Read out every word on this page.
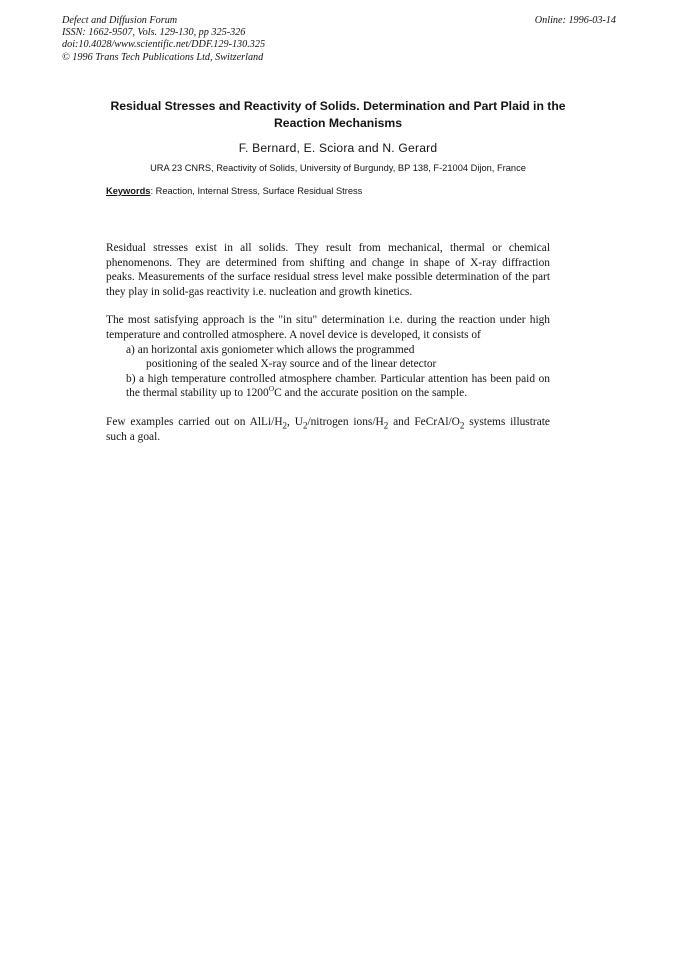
Defect and Diffusion Forum
ISSN: 1662-9507, Vols. 129-130, pp 325-326
doi:10.4028/www.scientific.net/DDF.129-130.325
© 1996 Trans Tech Publications Ltd, Switzerland
Online: 1996-03-14
Residual Stresses and Reactivity of Solids. Determination and Part Plaid in the Reaction Mechanisms
F. Bernard, E. Sciora and N. Gerard
URA 23 CNRS, Reactivity of Solids, University of Burgundy, BP 138, F-21004 Dijon, France
Keywords: Reaction, Internal Stress, Surface Residual Stress

Residual stresses exist in all solids. They result from mechanical, thermal or chemical phenomenons. They are determined from shifting and change in shape of X-ray diffraction peaks. Measurements of the surface residual stress level make possible determination of the part they play in solid-gas reactivity i.e. nucleation and growth kinetics.

The most satisfying approach is the "in situ" determination i.e. during the reaction under high temperature and controlled atmosphere. A novel device is developed, it consists of

a) an horizontal axis goniometer which allows the programmed

positioning of the sealed X-ray source and of the linear detector

b) a high temperature controlled atmosphere chamber. Particular attention has been paid on the thermal stability up to $1200^OC$ and the accurate position on the sample.

Few examples carried out on AlLi/$H_2$, $U_2$/nitrogen ions/$H_2$ and FeCrAl/$O_2$ systems illustrate such a goal.
